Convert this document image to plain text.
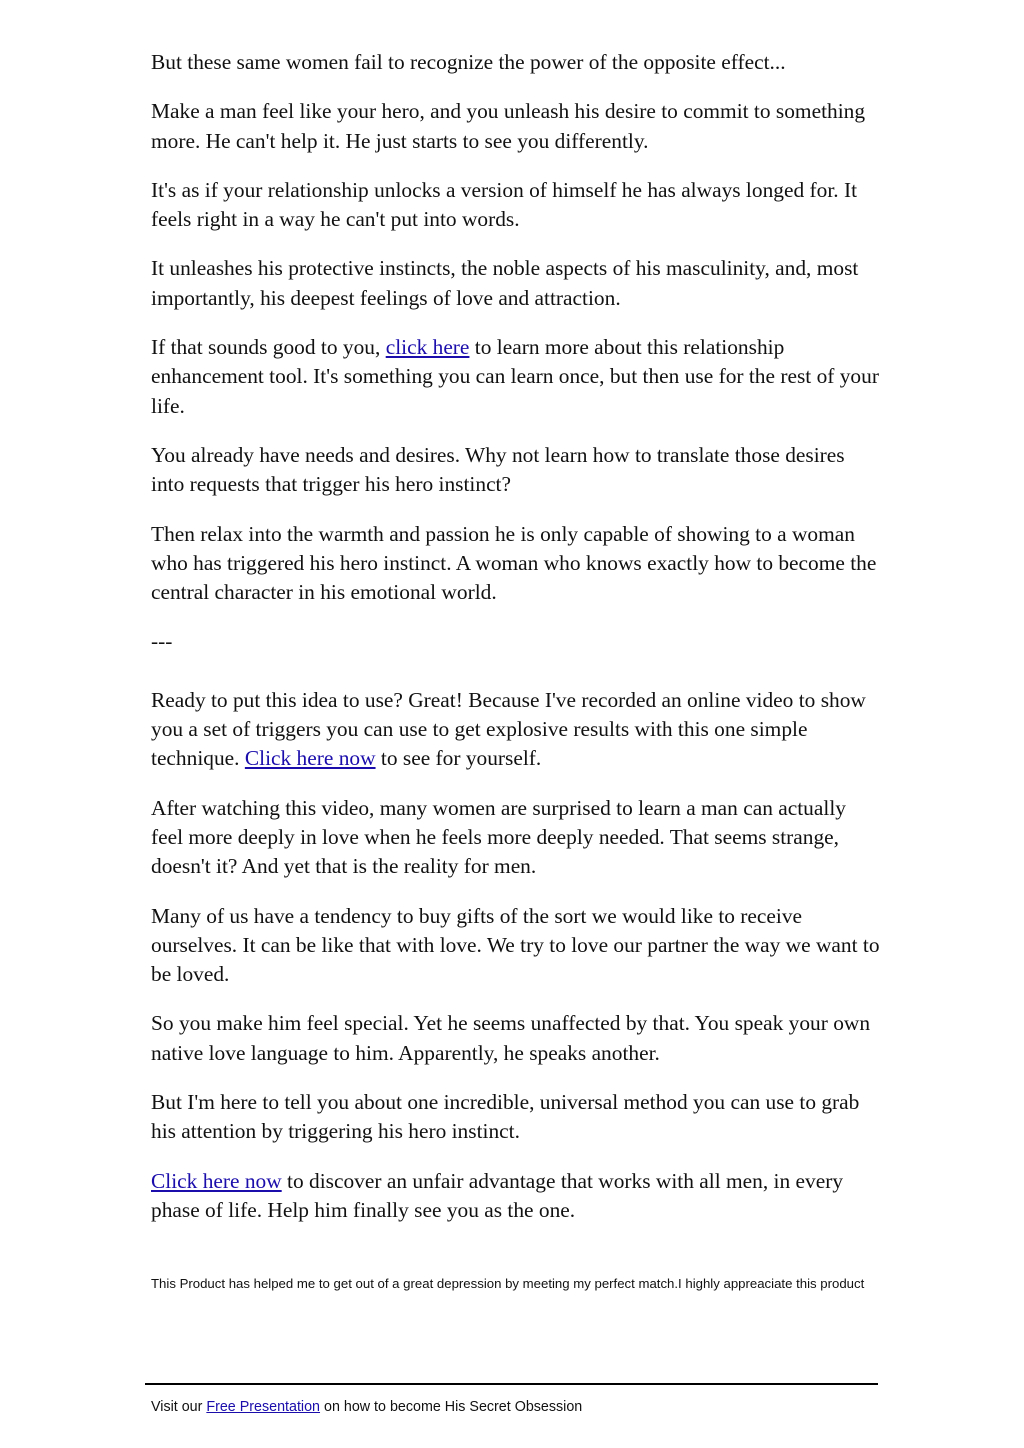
But these same women fail to recognize the power of the opposite effect...

Make a man feel like your hero, and you unleash his desire to commit to something more. He can't help it. He just starts to see you differently.

It's as if your relationship unlocks a version of himself he has always longed for. It feels right in a way he can't put into words.

It unleashes his protective instincts, the noble aspects of his masculinity, and, most importantly, his deepest feelings of love and attraction.

If that sounds good to you, click here to learn more about this relationship enhancement tool. It's something you can learn once, but then use for the rest of your life.

You already have needs and desires. Why not learn how to translate those desires into requests that trigger his hero instinct?

Then relax into the warmth and passion he is only capable of showing to a woman who has triggered his hero instinct. A woman who knows exactly how to become the central character in his emotional world.

---

Ready to put this idea to use? Great! Because I've recorded an online video to show you a set of triggers you can use to get explosive results with this one simple technique. Click here now to see for yourself.

After watching this video, many women are surprised to learn a man can actually feel more deeply in love when he feels more deeply needed. That seems strange, doesn't it? And yet that is the reality for men.

Many of us have a tendency to buy gifts of the sort we would like to receive ourselves. It can be like that with love. We try to love our partner the way we want to be loved.

So you make him feel special. Yet he seems unaffected by that. You speak your own native love language to him. Apparently, he speaks another.

But I'm here to tell you about one incredible, universal method you can use to grab his attention by triggering his hero instinct.

Click here now to discover an unfair advantage that works with all men, in every phase of life. Help him finally see you as the one.

This Product has helped me to get out of a great depression by meeting my perfect match.I highly appreaciate this product

Visit our Free Presentation on how to become His Secret Obsession
